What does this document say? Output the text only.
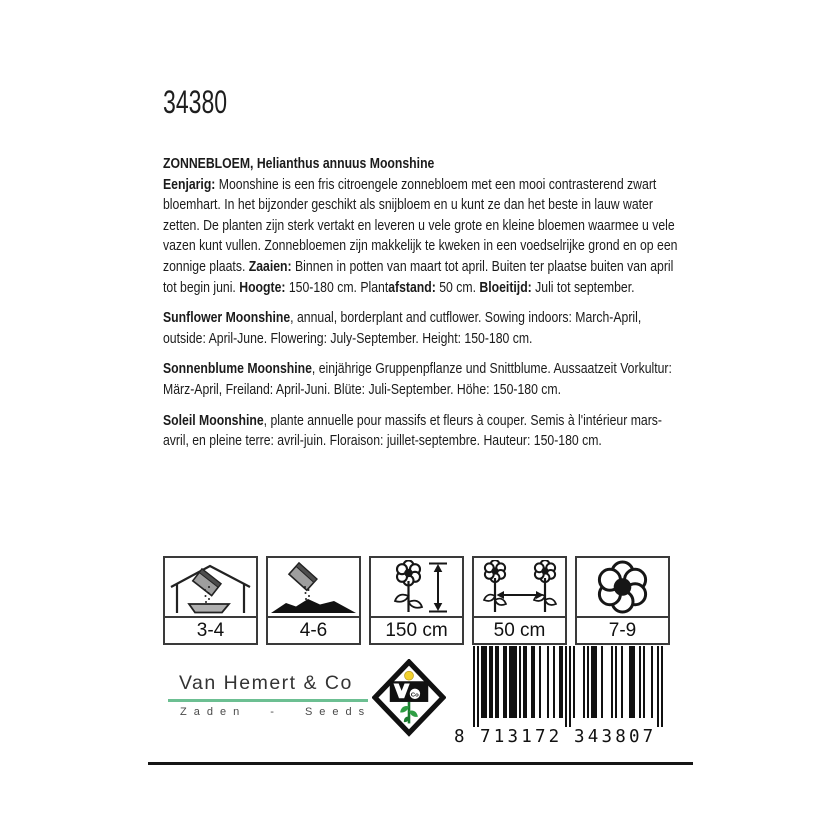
34380
ZONNEBLOEM, Helianthus annuus Moonshine

Eenjarig: Moonshine is een fris citroengele zonnebloem met een mooi contrasterend zwart bloemhart. In het bijzonder geschikt als snijbloem en u kunt ze dan het beste in lauw water zetten. De planten zijn sterk vertakt en leveren u vele grote en kleine bloemen waarmee u vele vazen kunt vullen. Zonnebloemen zijn makkelijk te kweken in een voedselrijke grond en op een zonnige plaats. Zaaien: Binnen in potten van maart tot april. Buiten ter plaatse buiten van april tot begin juni. Hoogte: 150-180 cm. Plantafstand: 50 cm. Bloeitijd: Juli tot september.

Sunflower Moonshine, annual, borderplant and cutflower. Sowing indoors: March-April, outside: April-June. Flowering: July-September. Height: 150-180 cm.

Sonnenblume Moonshine, einjährige Gruppenpflanze und Snittblume. Aussaatzeit Vorkultur: März-April, Freiland: April-Juni. Blüte: Juli-September. Höhe: 150-180 cm.

Soleil Moonshine, plante annuelle pour massifs et fleurs à couper. Semis à l'intérieur mars-avril, en pleine terre: avril-juin. Floraison: juillet-septembre. Hauteur: 150-180 cm.

3-4	4-6	150 cm	50 cm	7-9
Van Hemert & Co
Zaden - Seeds
Co
8 713172 343807
